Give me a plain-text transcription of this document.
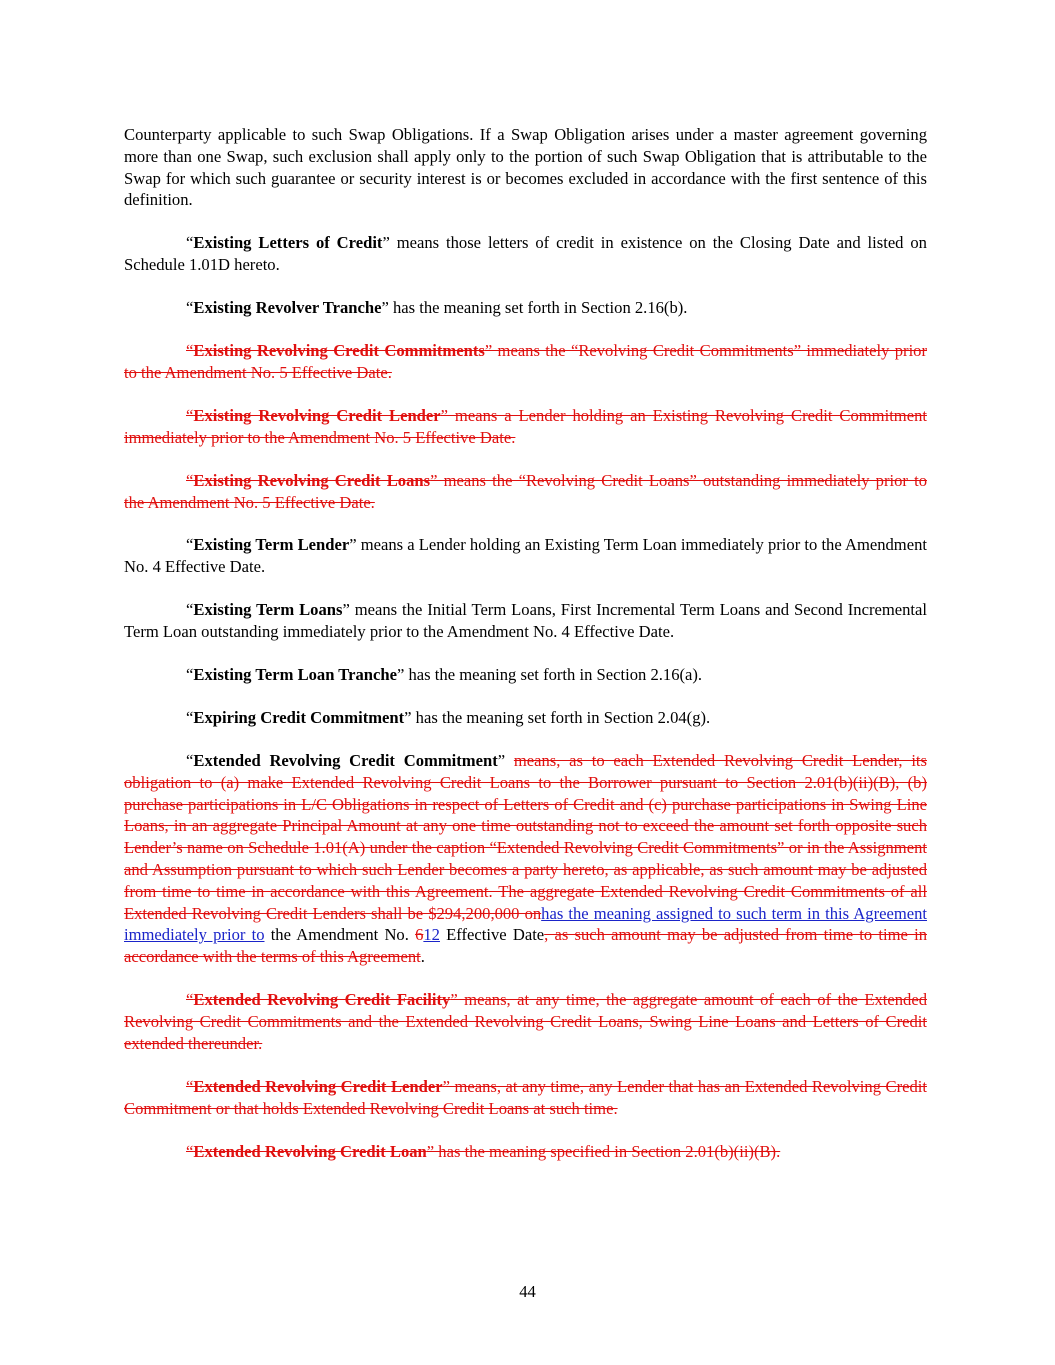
Counterparty applicable to such Swap Obligations. If a Swap Obligation arises under a master agreement governing more than one Swap, such exclusion shall apply only to the portion of such Swap Obligation that is attributable to the Swap for which such guarantee or security interest is or becomes excluded in accordance with the first sentence of this definition.

“Existing Letters of Credit” means those letters of credit in existence on the Closing Date and listed on Schedule 1.01D hereto.

“Existing Revolver Tranche” has the meaning set forth in Section 2.16(b).

“Existing Revolving Credit Commitments” means the “Revolving Credit Commitments” immediately prior to the Amendment No. 5 Effective Date.

“Existing Revolving Credit Lender” means a Lender holding an Existing Revolving Credit Commitment immediately prior to the Amendment No. 5 Effective Date.

“Existing Revolving Credit Loans” means the “Revolving Credit Loans” outstanding immediately prior to the Amendment No. 5 Effective Date.

“Existing Term Lender” means a Lender holding an Existing Term Loan immediately prior to the Amendment No. 4 Effective Date.

“Existing Term Loans” means the Initial Term Loans, First Incremental Term Loans and Second Incremental Term Loan outstanding immediately prior to the Amendment No. 4 Effective Date.

“Existing Term Loan Tranche” has the meaning set forth in Section 2.16(a).

“Expiring Credit Commitment” has the meaning set forth in Section 2.04(g).

“Extended Revolving Credit Commitment” means, as to each Extended Revolving Credit Lender, its obligation to (a) make Extended Revolving Credit Loans to the Borrower pursuant to Section 2.01(b)(ii)(B), (b) purchase participations in L/C Obligations in respect of Letters of Credit and (c) purchase participations in Swing Line Loans, in an aggregate Principal Amount at any one time outstanding not to exceed the amount set forth opposite such Lender’s name on Schedule 1.01(A) under the caption “Extended Revolving Credit Commitments” or in the Assignment and Assumption pursuant to which such Lender becomes a party hereto, as applicable, as such amount may be adjusted from time to time in accordance with this Agreement. The aggregate Extended Revolving Credit Commitments of all Extended Revolving Credit Lenders shall be $294,200,000 onhas the meaning assigned to such term in this Agreement immediately prior to the Amendment No. 612 Effective Date, as such amount may be adjusted from time to time in accordance with the terms of this Agreement.

“Extended Revolving Credit Facility” means, at any time, the aggregate amount of each of the Extended Revolving Credit Commitments and the Extended Revolving Credit Loans, Swing Line Loans and Letters of Credit extended thereunder.

“Extended Revolving Credit Lender” means, at any time, any Lender that has an Extended Revolving Credit Commitment or that holds Extended Revolving Credit Loans at such time.

“Extended Revolving Credit Loan” has the meaning specified in Section 2.01(b)(ii)(B).

44
